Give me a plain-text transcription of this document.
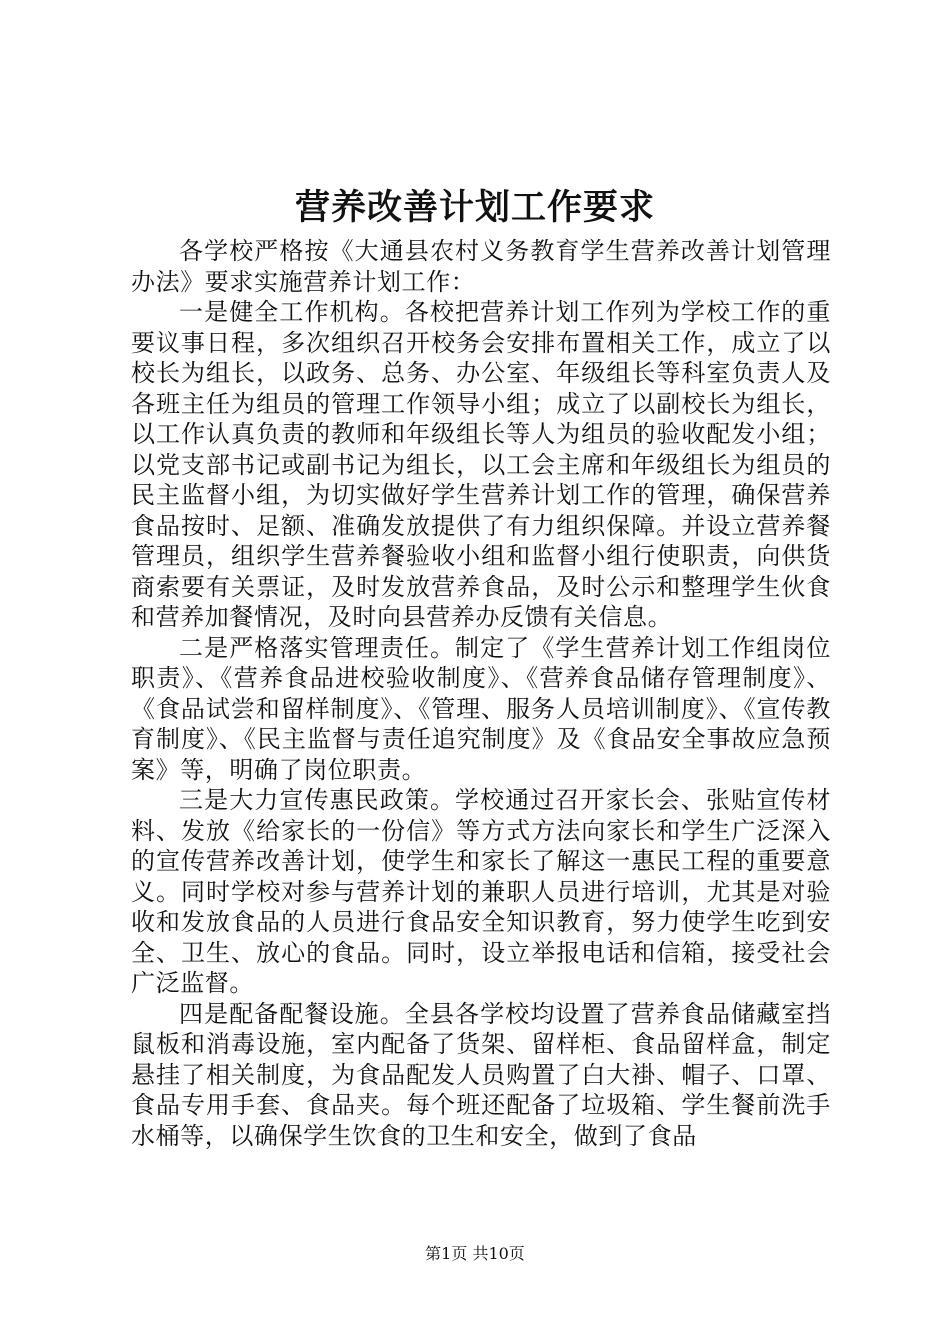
营养改善计划工作要求

各学校严格按《大通县农村义务教育学生营养改善计划管理办法》要求实施营养计划工作：

一是健全工作机构。各校把营养计划工作列为学校工作的重要议事日程，多次组织召开校务会安排布置相关工作，成立了以校长为组长，以政务、总务、办公室、年级组长等科室负责人及各班主任为组员的管理工作领导小组；成立了以副校长为组长，以工作认真负责的教师和年级组长等人为组员的验收配发小组；以党支部书记或副书记为组长，以工会主席和年级组长为组员的民主监督小组，为切实做好学生营养计划工作的管理，确保营养食品按时、足额、准确发放提供了有力组织保障。并设立营养餐管理员，组织学生营养餐验收小组和监督小组行使职责，向供货商索要有关票证，及时发放营养食品，及时公示和整理学生伙食和营养加餐情况，及时向县营养办反馈有关信息。

二是严格落实管理责任。制定了《学生营养计划工作组岗位职责》、《营养食品进校验收制度》、《营养食品储存管理制度》、《食品试尝和留样制度》、《管理、服务人员培训制度》、《宣传教育制度》、《民主监督与责任追究制度》及《食品安全事故应急预案》等，明确了岗位职责。

三是大力宣传惠民政策。学校通过召开家长会、张贴宣传材料、发放《给家长的一份信》等方式方法向家长和学生广泛深入的宣传营养改善计划，使学生和家长了解这一惠民工程的重要意义。同时学校对参与营养计划的兼职人员进行培训，尤其是对验收和发放食品的人员进行食品安全知识教育，努力使学生吃到安全、卫生、放心的食品。同时，设立举报电话和信箱，接受社会广泛监督。

四是配备配餐设施。全县各学校均设置了营养食品储藏室挡鼠板和消毒设施，室内配备了货架、留样柜、食品留样盒，制定悬挂了相关制度，为食品配发人员购置了白大褂、帽子、口罩、食品专用手套、食品夹。每个班还配备了垃圾箱、学生餐前洗手水桶等，以确保学生饮食的卫生和安全，做到了食品

第1页 共10页
